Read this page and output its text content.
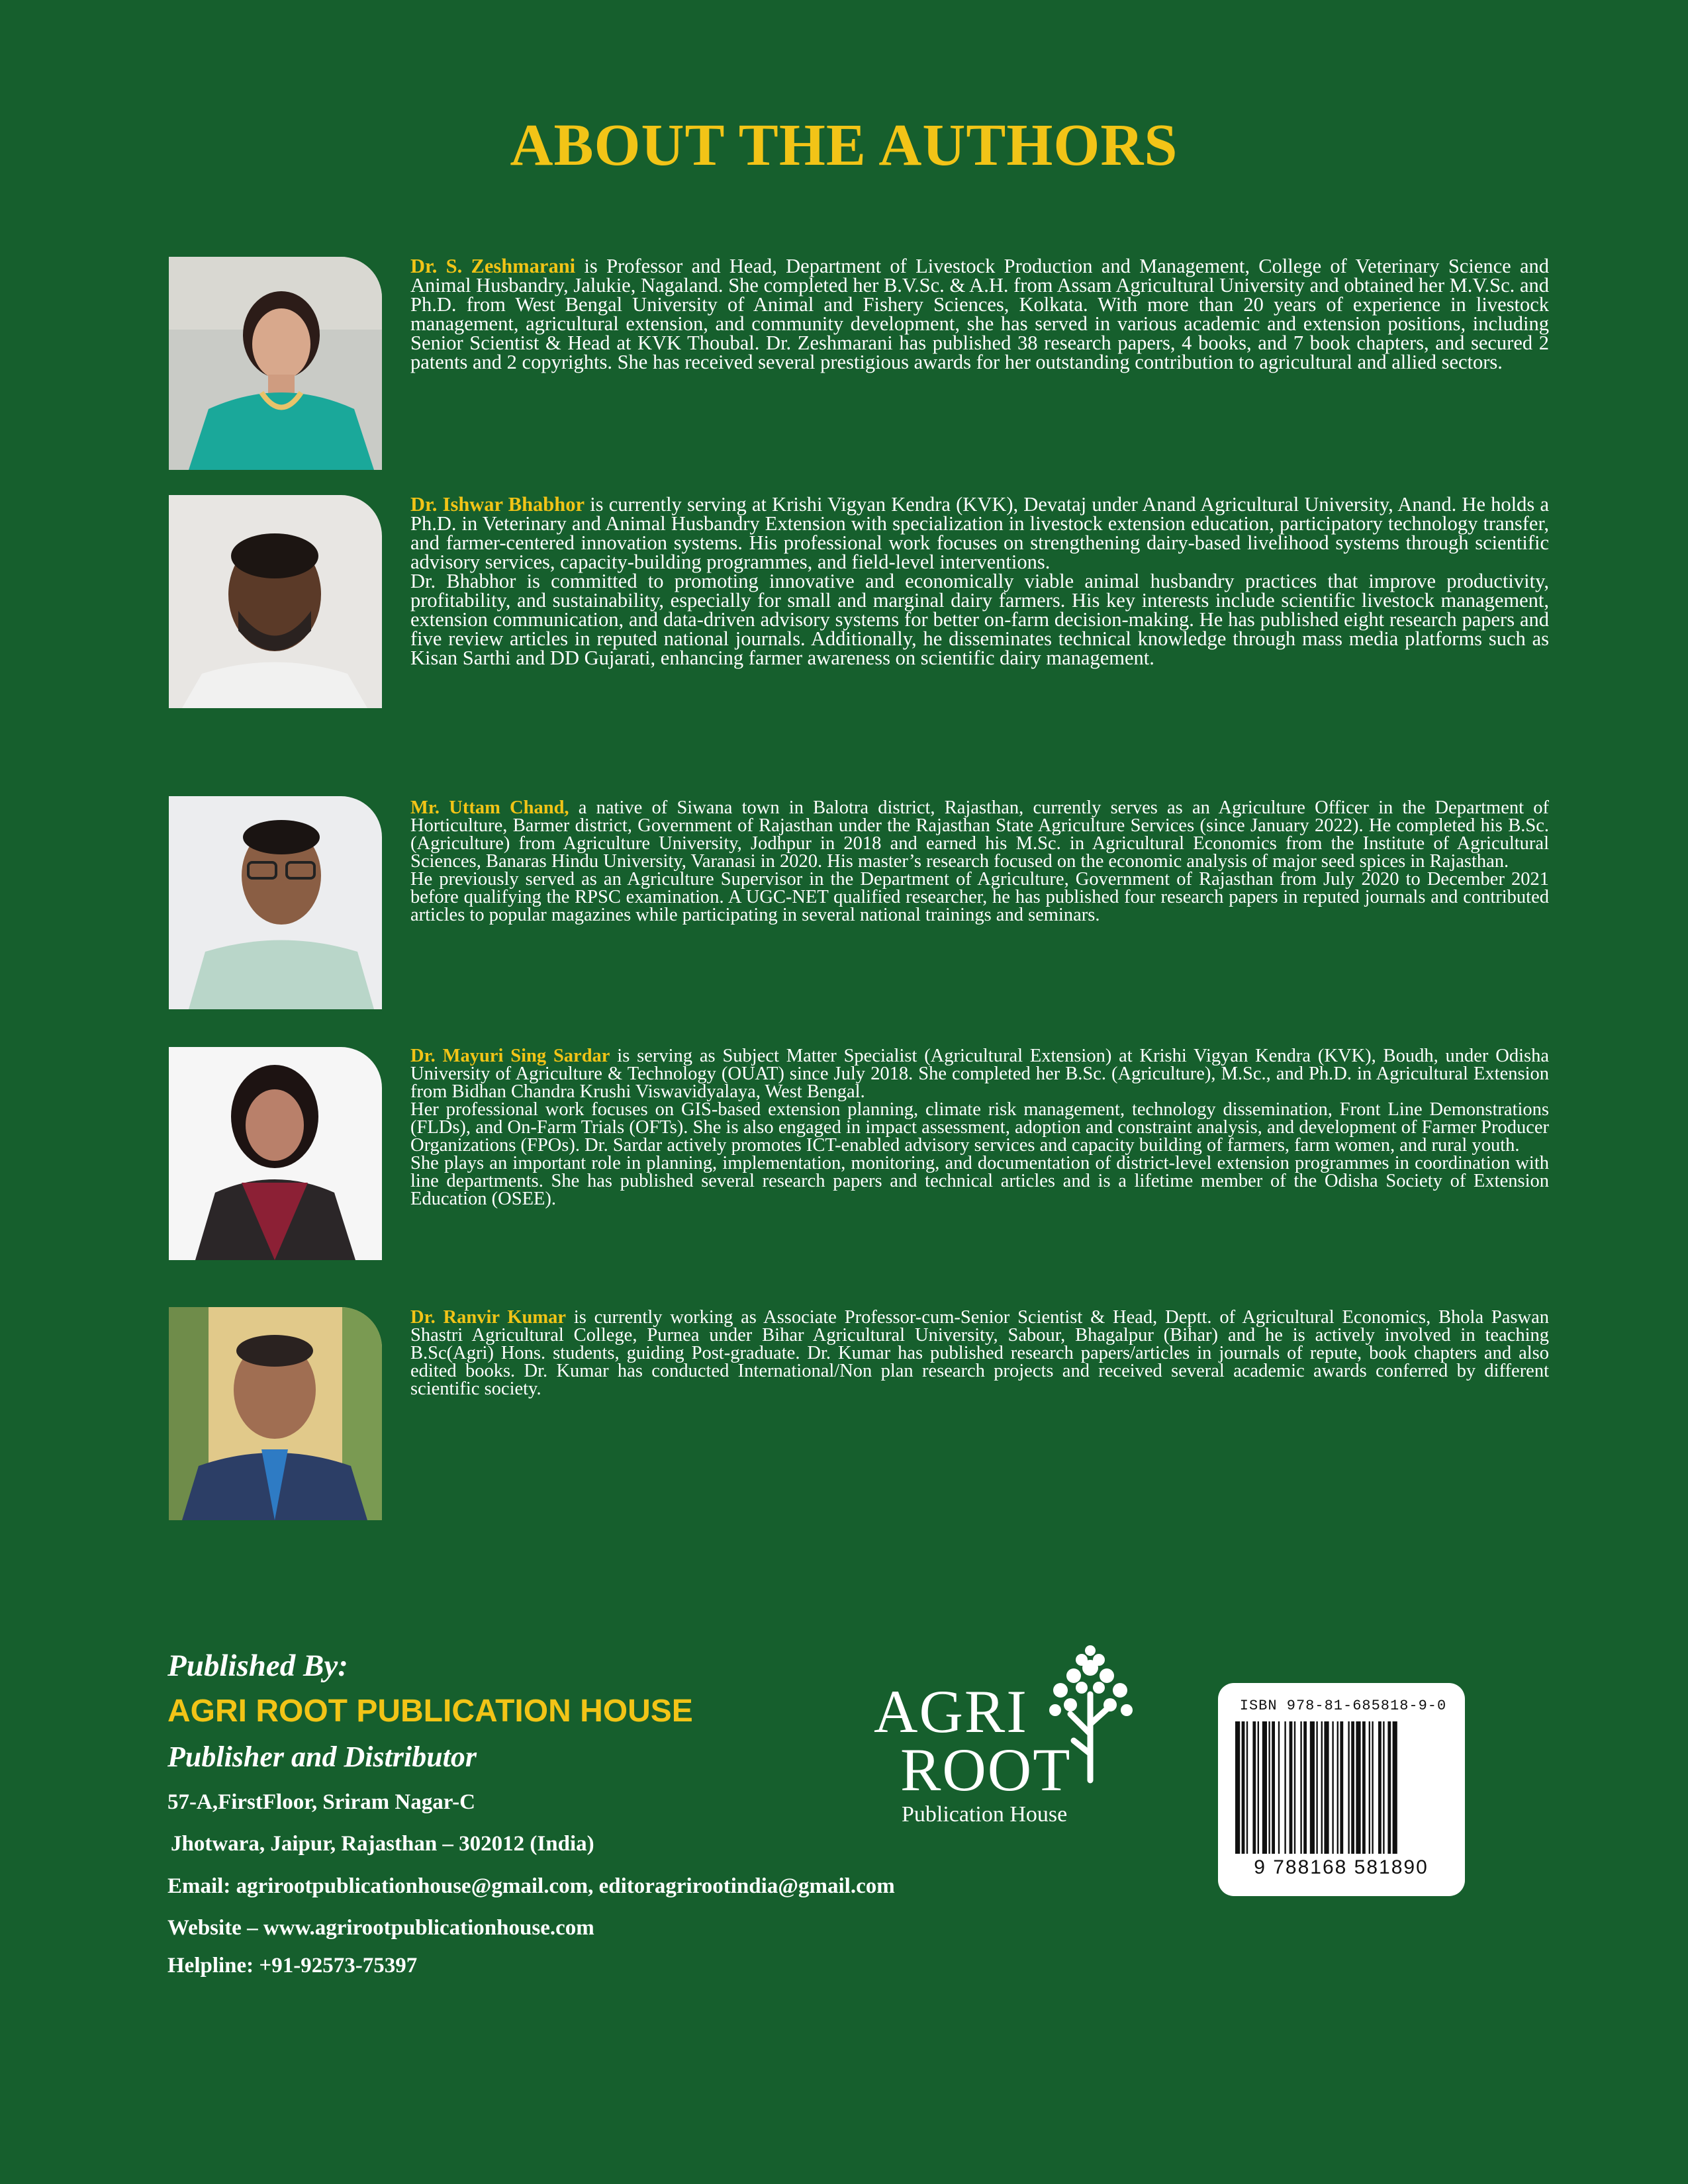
ABOUT THE AUTHORS

Dr. S. Zeshmarani is Professor and Head, Department of Livestock Production and Management, College of Veterinary Science and Animal Husbandry, Jalukie, Nagaland. She completed her B.V.Sc. & A.H. from Assam Agricultural University and obtained her M.V.Sc. and Ph.D. from West Bengal University of Animal and Fishery Sciences, Kolkata. With more than 20 years of experience in livestock management, agricultural extension, and community development, she has served in various academic and extension positions, including Senior Scientist & Head at KVK Thoubal. Dr. Zeshmarani has published 38 research papers, 4 books, and 7 book chapters, and secured 2 patents and 2 copyrights. She has received several prestigious awards for her outstanding contribution to agricultural and allied sectors.

Dr. Ishwar Bhabhor is currently serving at Krishi Vigyan Kendra (KVK), Devataj under Anand Agricultural University, Anand. He holds a Ph.D. in Veterinary and Animal Husbandry Extension with specialization in livestock extension education, participatory technology transfer, and farmer-centered innovation systems. His professional work focuses on strengthening dairy-based livelihood systems through scientific advisory services, capacity-building programmes, and field-level interventions.

Dr. Bhabhor is committed to promoting innovative and economically viable animal husbandry practices that improve productivity, profitability, and sustainability, especially for small and marginal dairy farmers. His key interests include scientific livestock management, extension communication, and data-driven advisory systems for better on-farm decision-making. He has published eight research papers and five review articles in reputed national journals. Additionally, he disseminates technical knowledge through mass media platforms such as Kisan Sarthi and DD Gujarati, enhancing farmer awareness on scientific dairy management.

Mr. Uttam Chand, a native of Siwana town in Balotra district, Rajasthan, currently serves as an Agriculture Officer in the Department of Horticulture, Barmer district, Government of Rajasthan under the Rajasthan State Agriculture Services (since January 2022). He completed his B.Sc. (Agriculture) from Agriculture University, Jodhpur in 2018 and earned his M.Sc. in Agricultural Economics from the Institute of Agricultural Sciences, Banaras Hindu University, Varanasi in 2020. His master’s research focused on the economic analysis of major seed spices in Rajasthan.

He previously served as an Agriculture Supervisor in the Department of Agriculture, Government of Rajasthan from July 2020 to December 2021 before qualifying the RPSC examination. A UGC-NET qualified researcher, he has published four research papers in reputed journals and contributed articles to popular magazines while participating in several national trainings and seminars.

Dr. Mayuri Sing Sardar is serving as Subject Matter Specialist (Agricultural Extension) at Krishi Vigyan Kendra (KVK), Boudh, under Odisha University of Agriculture & Technology (OUAT) since July 2018. She completed her B.Sc. (Agriculture), M.Sc., and Ph.D. in Agricultural Extension from Bidhan Chandra Krushi Viswavidyalaya, West Bengal.

Her professional work focuses on GIS-based extension planning, climate risk management, technology dissemination, Front Line Demonstrations (FLDs), and On-Farm Trials (OFTs). She is also engaged in impact assessment, adoption and constraint analysis, and development of Farmer Producer Organizations (FPOs). Dr. Sardar actively promotes ICT-enabled advisory services and capacity building of farmers, farm women, and rural youth.

She plays an important role in planning, implementation, monitoring, and documentation of district-level extension programmes in coordination with line departments. She has published several research papers and technical articles and is a lifetime member of the Odisha Society of Extension Education (OSEE).

Dr. Ranvir Kumar is currently working as Associate Professor-cum-Senior Scientist & Head, Deptt. of Agricultural Economics, Bhola Paswan Shastri Agricultural College, Purnea under Bihar Agricultural University, Sabour, Bhagalpur (Bihar) and he is actively involved in teaching B.Sc(Agri) Hons. students, guiding Post-graduate. Dr. Kumar has published research papers/articles in journals of repute, book chapters and also edited books. Dr. Kumar has conducted International/Non plan research projects and received several academic awards conferred by different scientific society.

Published By:
AGRI ROOT PUBLICATION HOUSE
Publisher and Distributor
57-A,FirstFloor, Sriram Nagar-C
Jhotwara, Jaipur, Rajasthan – 302012 (India)
Email: agrirootpublicationhouse@gmail.com, editoragrirootindia@gmail.com
Website – www.agrirootpublicationhouse.com
Helpline: +91-92573-75397
AGRI
ROOT
Publication House
ISBN 978-81-685818-9-0
9 788168 581890
